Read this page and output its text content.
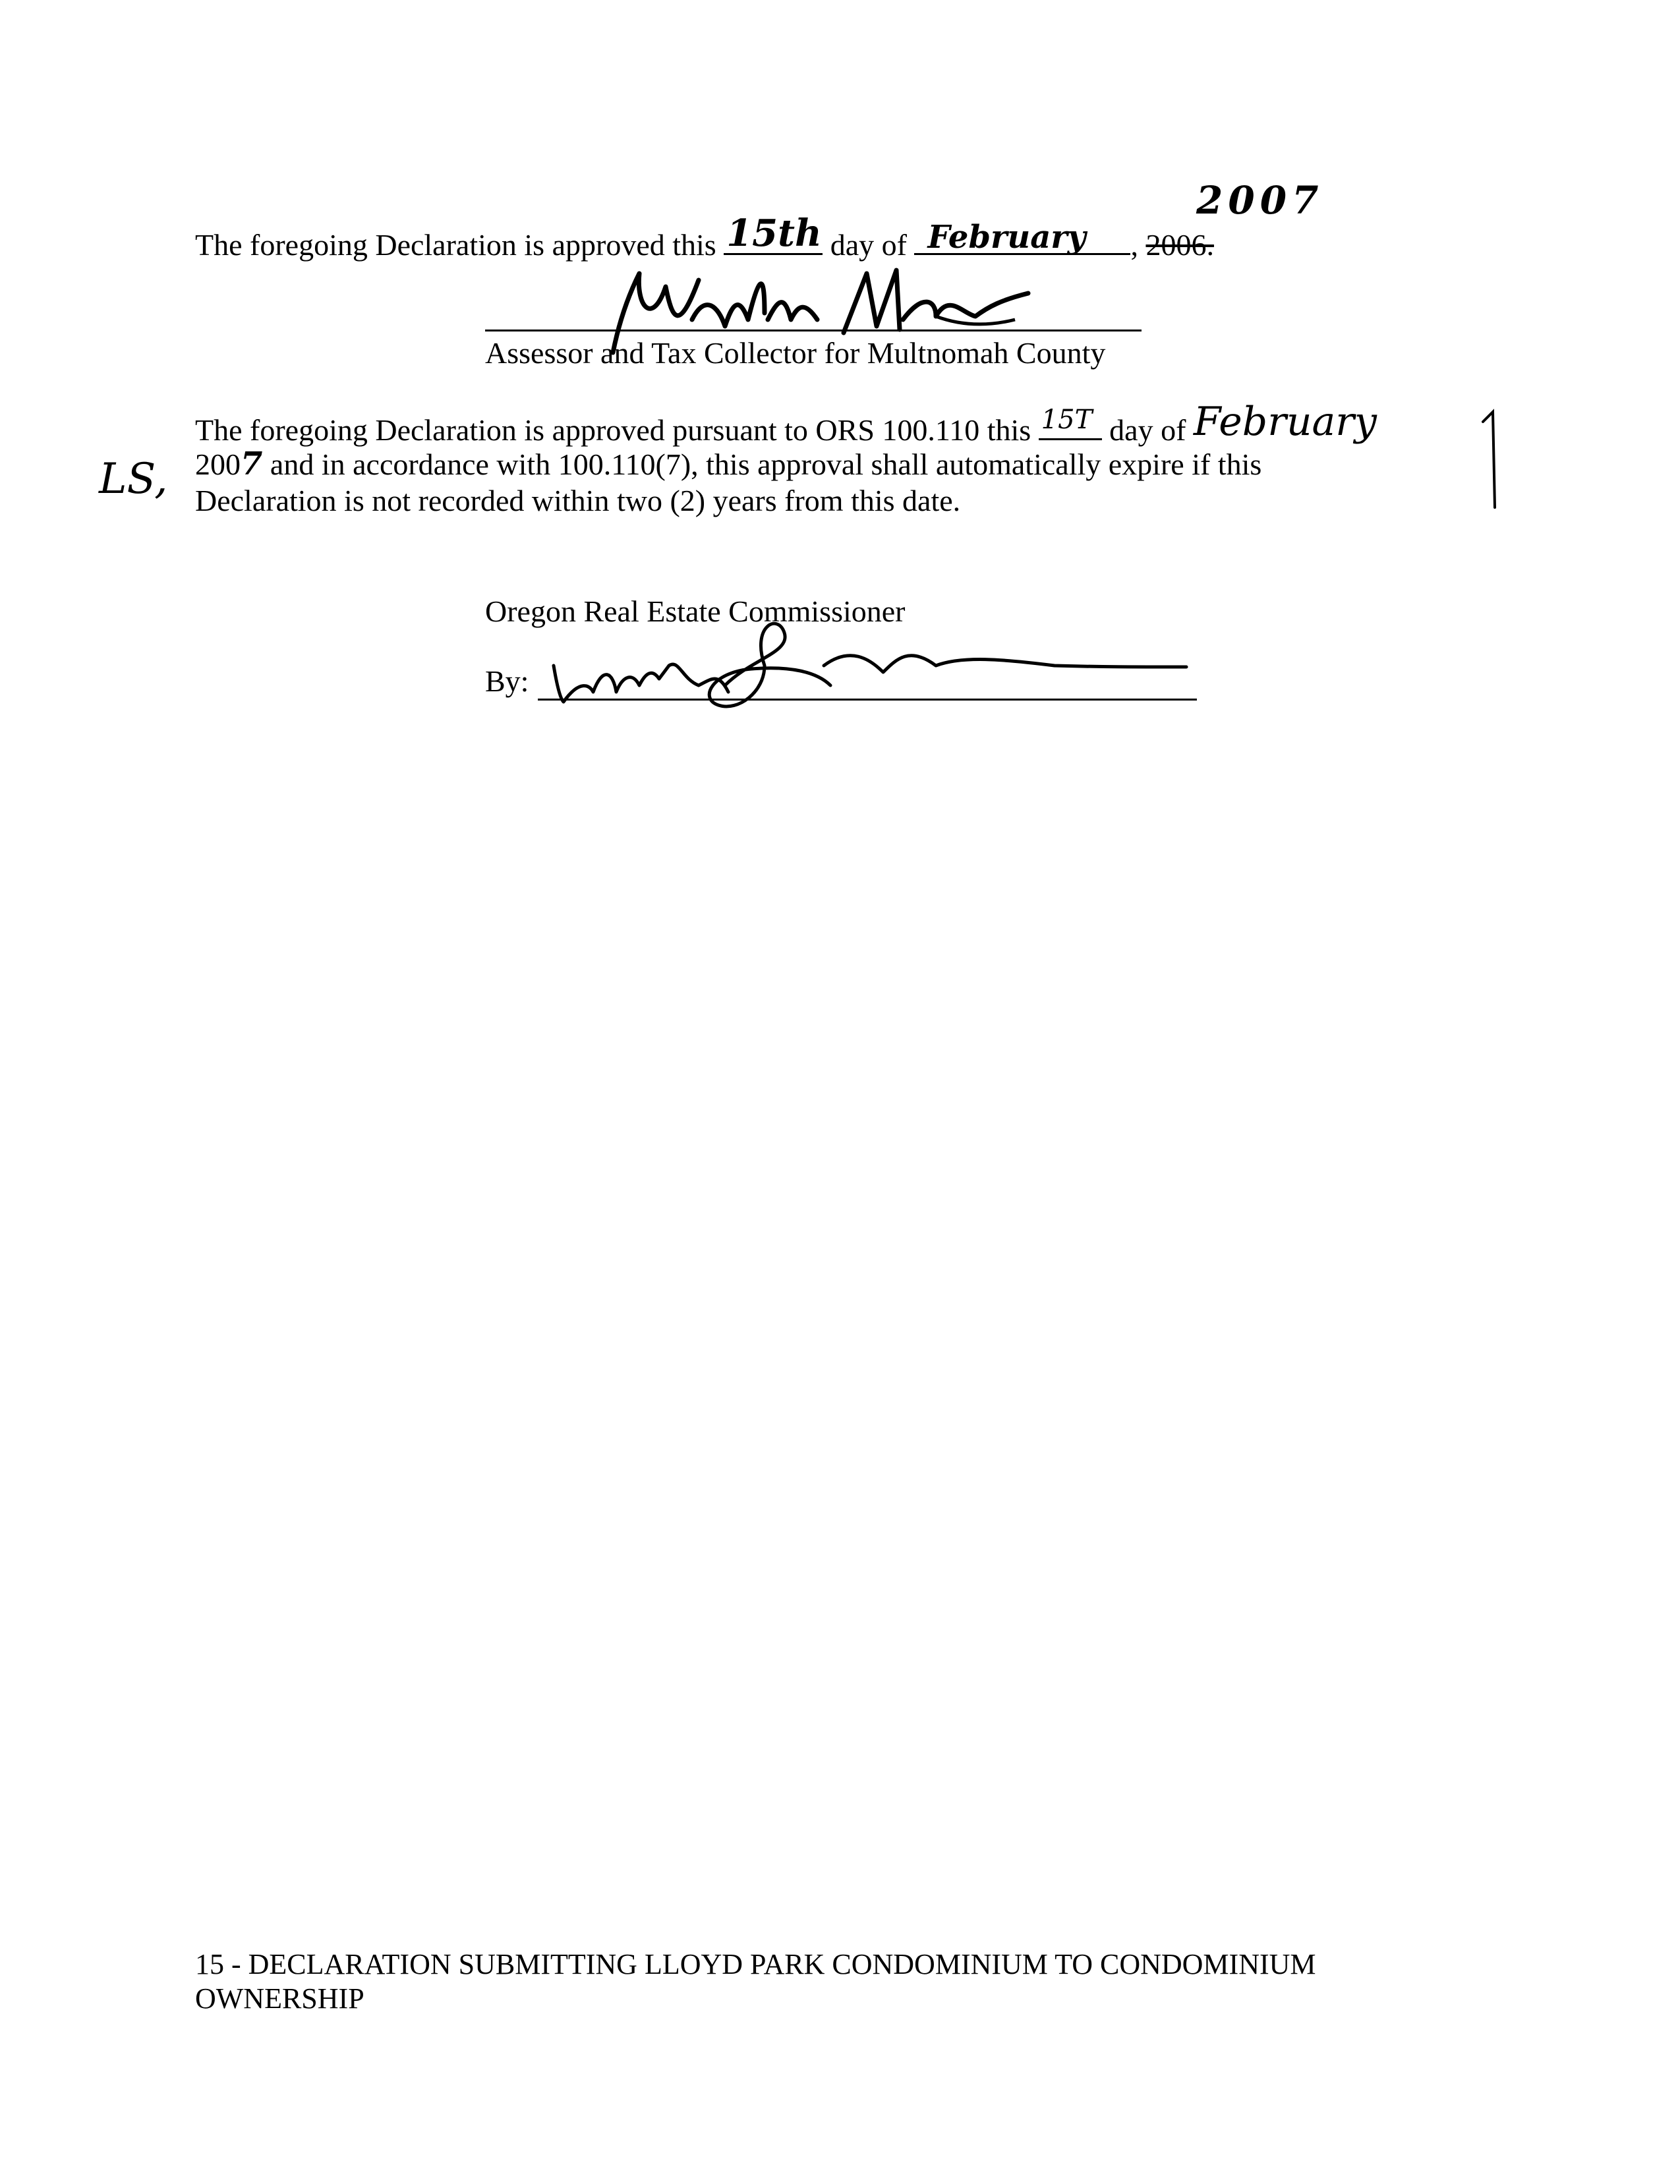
2007
The foregoing Declaration is approved this 15th day of February , 2006.
Assessor and Tax Collector for Multnomah County
LS,
The foregoing Declaration is approved pursuant to ORS 100.110 this 15T day of February
2007 and in accordance with 100.110(7), this approval shall automatically expire if this
Declaration is not recorded within two (2) years from this date.
Oregon Real Estate Commissioner
By:
15 - DECLARATION SUBMITTING LLOYD PARK CONDOMINIUM TO CONDOMINIUM
OWNERSHIP
